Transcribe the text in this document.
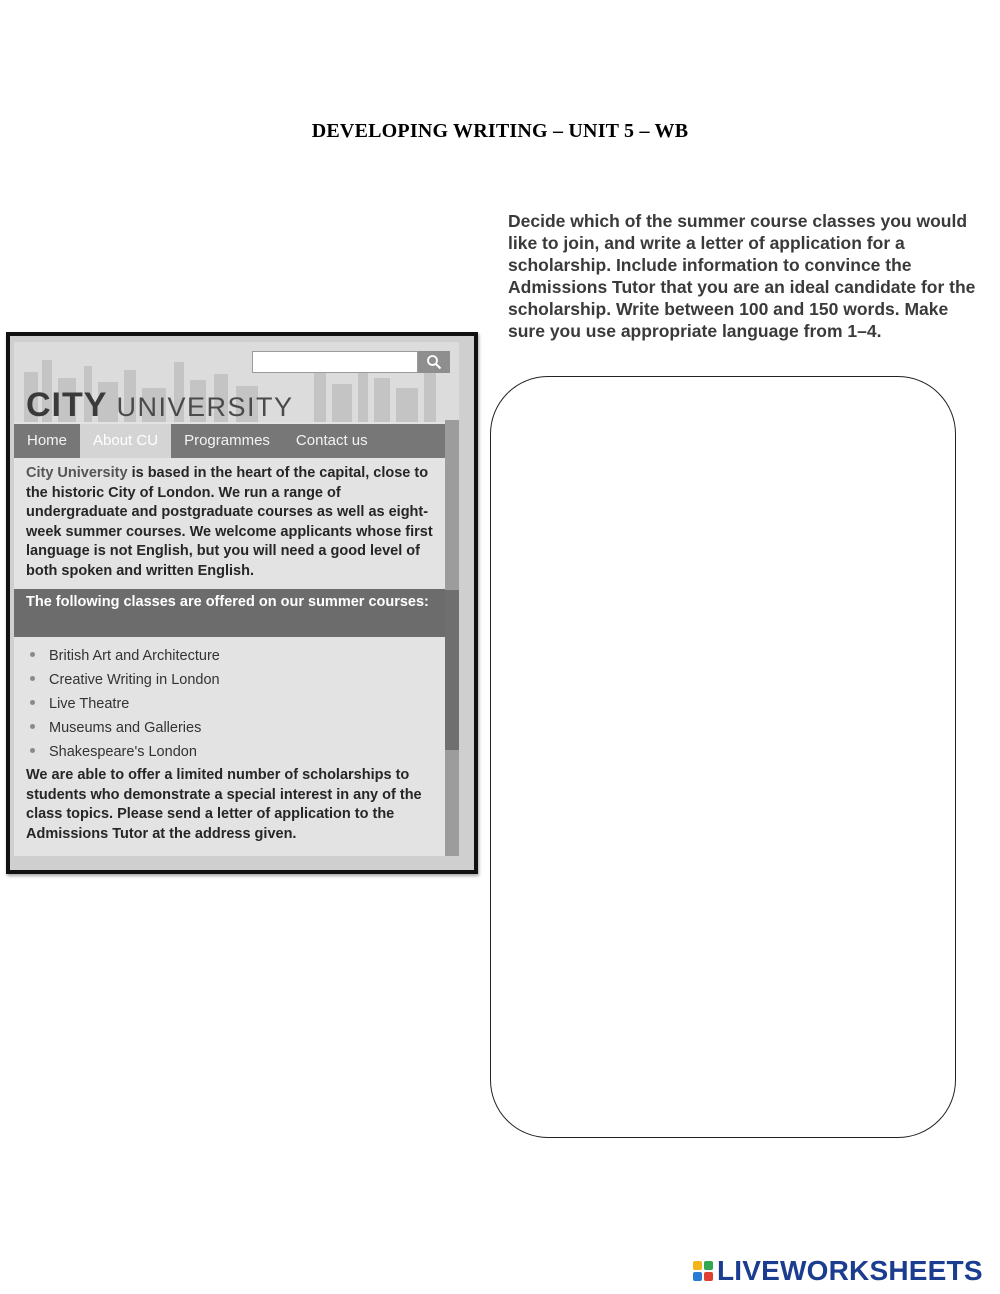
DEVELOPING WRITING – UNIT 5 – WB
CITY UNIVERSITY
Home	About CU	Programmes	Contact us
City University is based in the heart of the capital, close to the historic City of London. We run a range of undergraduate and postgraduate courses as well as eight-week summer courses. We welcome applicants whose first language is not English, but you will need a good level of both spoken and written English.
The following classes are offered on our summer courses:
British Art and Architecture
Creative Writing in London
Live Theatre
Museums and Galleries
Shakespeare's London
We are able to offer a limited number of scholarships to students who demonstrate a special interest in any of the class topics. Please send a letter of application to the Admissions Tutor at the address given.
Decide which of the summer course classes you would like to join, and write a letter of application for a scholarship. Include information to convince the Admissions Tutor that you are an ideal candidate for the scholarship. Write between 100 and 150 words. Make sure you use appropriate language from 1–4.
LIVEWORKSHEETS
